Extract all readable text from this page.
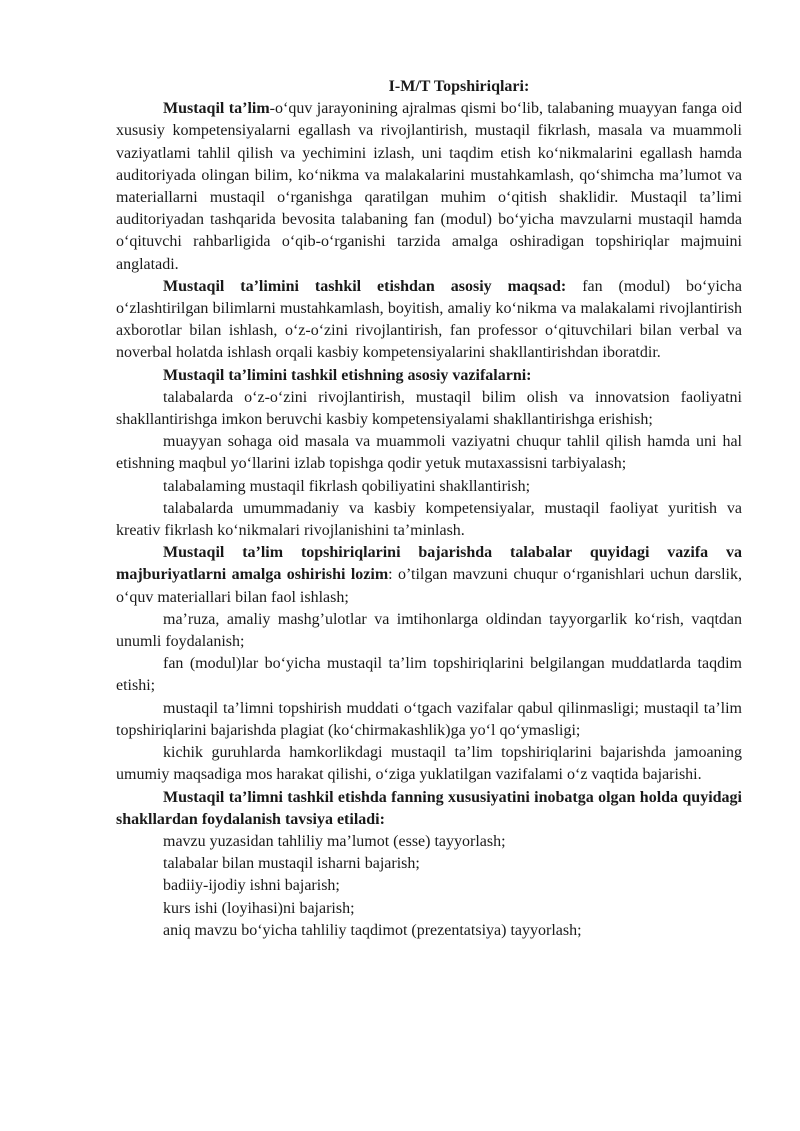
I-M/T Topshiriqlari:

Mustaqil ta’lim-o‘quv jarayonining ajralmas qismi bo‘lib, talabaning muayyan fanga oid xususiy kompetensiyalarni egallash va rivojlantirish, mustaqil fikrlash, masala va muammoli vaziyatlami tahlil qilish va yechimini izlash, uni taqdim etish ko‘nikmalarini egallash hamda auditoriyada olingan bilim, ko‘nikma va malakalarini mustahkamlash, qo‘shimcha ma’lumot va materiallarni mustaqil o‘rganishga qaratilgan muhim o‘qitish shaklidir. Mustaqil ta’limi auditoriyadan tashqarida bevosita talabaning fan (modul) bo‘yicha mavzularni mustaqil hamda o‘qituvchi rahbarligida o‘qib-o‘rganishi tarzida amalga oshiradigan topshiriqlar majmuini anglatadi.

Mustaqil ta’limini tashkil etishdan asosiy maqsad: fan (modul) bo‘yicha o‘zlashtirilgan bilimlarni mustahkamlash, boyitish, amaliy ko‘nikma va malakalami rivojlantirish axborotlar bilan ishlash, o‘z-o‘zini rivojlantirish, fan professor o‘qituvchilari bilan verbal va noverbal holatda ishlash orqali kasbiy kompetensiyalarini shakllantirishdan iboratdir.

Mustaqil ta’limini tashkil etishning asosiy vazifalarni:

talabalarda o‘z-o‘zini rivojlantirish, mustaqil bilim olish va innovatsion faoliyatni shakllantirishga imkon beruvchi kasbiy kompetensiyalami shakllantirishga erishish;

muayyan sohaga oid masala va muammoli vaziyatni chuqur tahlil qilish hamda uni hal etishning maqbul yo‘llarini izlab topishga qodir yetuk mutaxassisni tarbiyalash;

talabalaming mustaqil fikrlash qobiliyatini shakllantirish;

talabalarda umummadaniy va kasbiy kompetensiyalar, mustaqil faoliyat yuritish va kreativ fikrlash ko‘nikmalari rivojlanishini ta’minlash.

Mustaqil ta’lim topshiriqlarini bajarishda talabalar quyidagi vazifa va majburiyatlarni amalga oshirishi lozim: o’tilgan mavzuni chuqur o‘rganishlari uchun darslik, o‘quv materiallari bilan faol ishlash;

ma’ruza, amaliy mashg’ulotlar va imtihonlarga oldindan tayyorgarlik ko‘rish, vaqtdan unumli foydalanish;

fan (modul)lar bo‘yicha mustaqil ta’lim topshiriqlarini belgilangan muddatlarda taqdim etishi;

mustaqil ta’limni topshirish muddati o‘tgach vazifalar qabul qilinmasligi; mustaqil ta’lim topshiriqlarini bajarishda plagiat (ko‘chirmakashlik)ga yo‘l qo‘ymasligi;

kichik guruhlarda hamkorlikdagi mustaqil ta’lim topshiriqlarini bajarishda jamoaning umumiy maqsadiga mos harakat qilishi, o‘ziga yuklatilgan vazifalami o‘z vaqtida bajarishi.

Mustaqil ta’limni tashkil etishda fanning xususiyatini inobatga olgan holda quyidagi shakllardan foydalanish tavsiya etiladi:

mavzu yuzasidan tahliliy ma’lumot (esse) tayyorlash;

talabalar bilan mustaqil isharni bajarish;

badiiy-ijodiy ishni bajarish;

kurs ishi (loyihasi)ni bajarish;

aniq mavzu bo‘yicha tahliliy taqdimot (prezentatsiya) tayyorlash;
